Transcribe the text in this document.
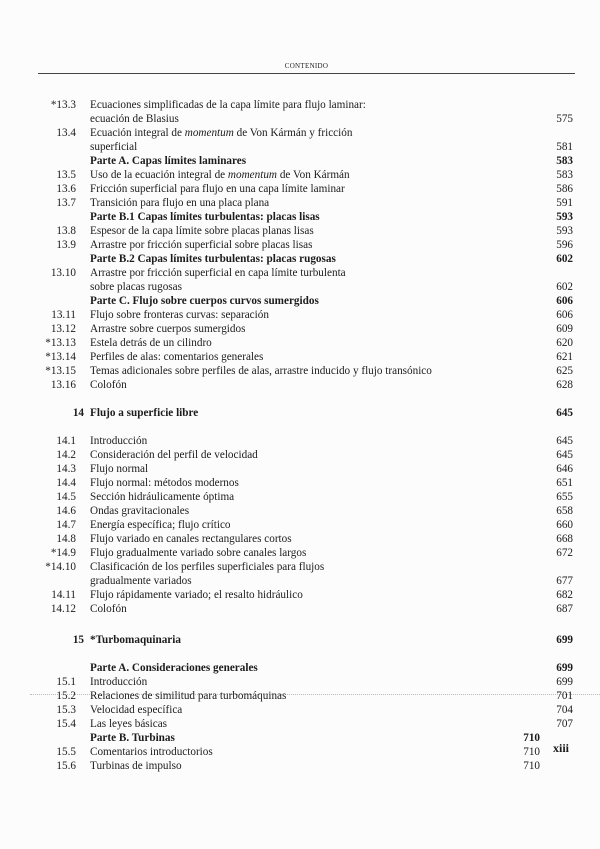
CONTENIDO
*13.3 Ecuaciones simplificadas de la capa límite para flujo laminar:
ecuación de Blasius	575
13.4 Ecuación integral de momentum de Von Kármán y fricción
superficial	581
Parte A. Capas límites laminares	583
13.5 Uso de la ecuación integral de momentum de Von Kármán	583
13.6 Fricción superficial para flujo en una capa límite laminar	586
13.7 Transición para flujo en una placa plana	591
Parte B.1 Capas límites turbulentas: placas lisas	593
13.8 Espesor de la capa límite sobre placas planas lisas	593
13.9 Arrastre por fricción superficial sobre placas lisas	596
Parte B.2 Capas límites turbulentas: placas rugosas	602
13.10 Arrastre por fricción superficial en capa límite turbulenta
sobre placas rugosas	602
Parte C. Flujo sobre cuerpos curvos sumergidos	606
13.11 Flujo sobre fronteras curvas: separación	606
13.12 Arrastre sobre cuerpos sumergidos	609
*13.13 Estela detrás de un cilindro	620
*13.14 Perfiles de alas: comentarios generales	621
*13.15 Temas adicionales sobre perfiles de alas, arrastre inducido y flujo transónico	625
13.16 Colofón	628
14 Flujo a superficie libre	645
14.1 Introducción	645
14.2 Consideración del perfil de velocidad	645
14.3 Flujo normal	646
14.4 Flujo normal: métodos modernos	651
14.5 Sección hidráulicamente óptima	655
14.6 Ondas gravitacionales	658
14.7 Energía específica; flujo crítico	660
14.8 Flujo variado en canales rectangulares cortos	668
*14.9 Flujo gradualmente variado sobre canales largos	672
*14.10 Clasificación de los perfiles superficiales para flujos
gradualmente variados	677
14.11 Flujo rápidamente variado; el resalto hidráulico	682
14.12 Colofón	687
15 *Turbomaquinaria	699
Parte A. Consideraciones generales	699
15.1 Introducción	699
15.2 Relaciones de similitud para turbomáquinas	701
15.3 Velocidad específica	704
15.4 Las leyes básicas	707
Parte B. Turbinas	710
15.5 Comentarios introductorios	710
15.6 Turbinas de impulso	710
xiii
